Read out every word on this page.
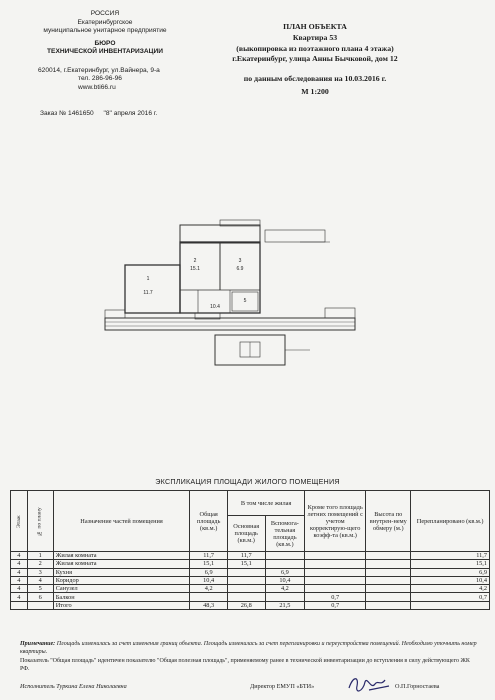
РОССИЯ
Екатеринбургское
муниципальное унитарное предприятие
БЮРО
ТЕХНИЧЕСКОЙ ИНВЕНТАРИЗАЦИИ
620014, г.Екатеринбург, ул.Вайнера, 9-а
тел. 286-96-96
www.bti66.ru
Заказ № 1461650 "8" апреля 2016 г.
ПЛАН ОБЪЕКТА
Квартира 53
(выкопировка из поэтажного плана 4 этажа)
г.Екатеринбург, улица Анны Бычковой, дом 12
по данным обследования на 10.03.2016 г.
М 1:200
1
11.7
2
15.1
3
6.9
10.4
5
ЭКСПЛИКАЦИЯ ПЛОЩАДИ ЖИЛОГО ПОМЕЩЕНИЯ
Этаж	№ по плану	Назначение частей помещения	Общая площадь (кв.м.)	В том числе жилая		Кроме того площадь летних помещений с учетом корректирую-щего коэфф-та (кв.м.)	Высота по внутрен-нему обмеру (м.)	Перепланировано (кв.м.)
				Основная площадь (кв.м.)	Вспомога-тельная площадь (кв.м.)			
4	1	Жилая комната	11,7	11,7				11,7
4	2	Жилая комната	15,1	15,1				15,1
4	3	Кухня	6,9		6,9			6,9
4	4	Коридор	10,4		10,4			10,4
4	5	Санузел	4,2		4,2			4,2
4	6	Балкон				0,7		0,7
		Итого	48,3	26,8	21,5	0,7		
Примечание: Площадь изменилась за счет изменения границ объекта. Площадь изменилась за счет перепланировки и переустройства помещений. Необходимо уточнить номер квартиры.
Показатель "Общая площадь" идентичен показателю "Общая полезная площадь", применяемому ранее в технической инвентаризации до вступления в силу действующего ЖК РФ.
Исполнитель Туркина Елена Николаевна	Директор ЕМУП «БТИ»	О.П.Горностаева
